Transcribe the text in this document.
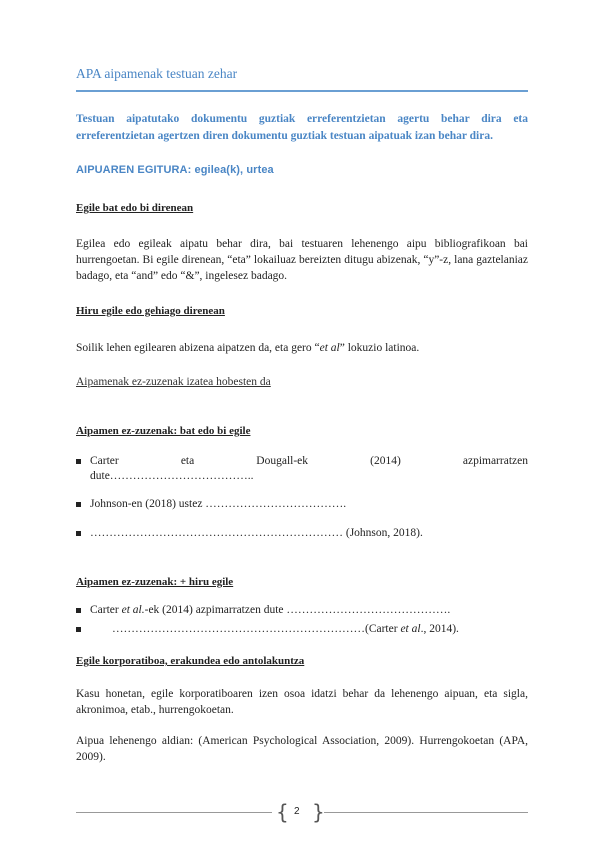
APA aipamenak testuan zehar
Testuan aipatutako dokumentu guztiak erreferentzietan agertu behar dira eta erreferentzietan agertzen diren dokumentu guztiak testuan aipatuak izan behar dira.
AIPUAREN EGITURA: egilea(k), urtea
Egile bat edo bi direnean
Egilea edo egileak aipatu behar dira, bai testuaren lehenengo aipu bibliografikoan bai hurrengoetan. Bi egile direnean, “eta” lokailuaz bereizten ditugu abizenak, “y”-z, lana gaztelaniaz badago, eta “and” edo “&”, ingelesez badago.
Hiru egile edo gehiago direnean
Soilik lehen egilearen abizena aipatzen da, eta gero “et al” lokuzio latinoa.
Aipamenak ez-zuzenak izatea hobesten da
Aipamen ez-zuzenak: bat edo bi egile
Carter	eta	Dougall-ek	(2014)	azpimarratzen
dute………………………………..
Johnson-en (2018) ustez ……………………………….
………………………………………………………… (Johnson, 2018).
Aipamen ez-zuzenak: + hiru egile
Carter et al.-ek (2014) azpimarratzen dute …………………………………….
…………………………………………………………(Carter et al., 2014).
Egile korporatiboa, erakundea edo antolakuntza
Kasu honetan, egile korporatiboaren izen osoa idatzi behar da lehenengo aipuan, eta sigla, akronimoa, etab., hurrengokoetan.
Aipua lehenengo aldian: (American Psychological Association, 2009). Hurrengokoetan (APA, 2009).
{ }
2
